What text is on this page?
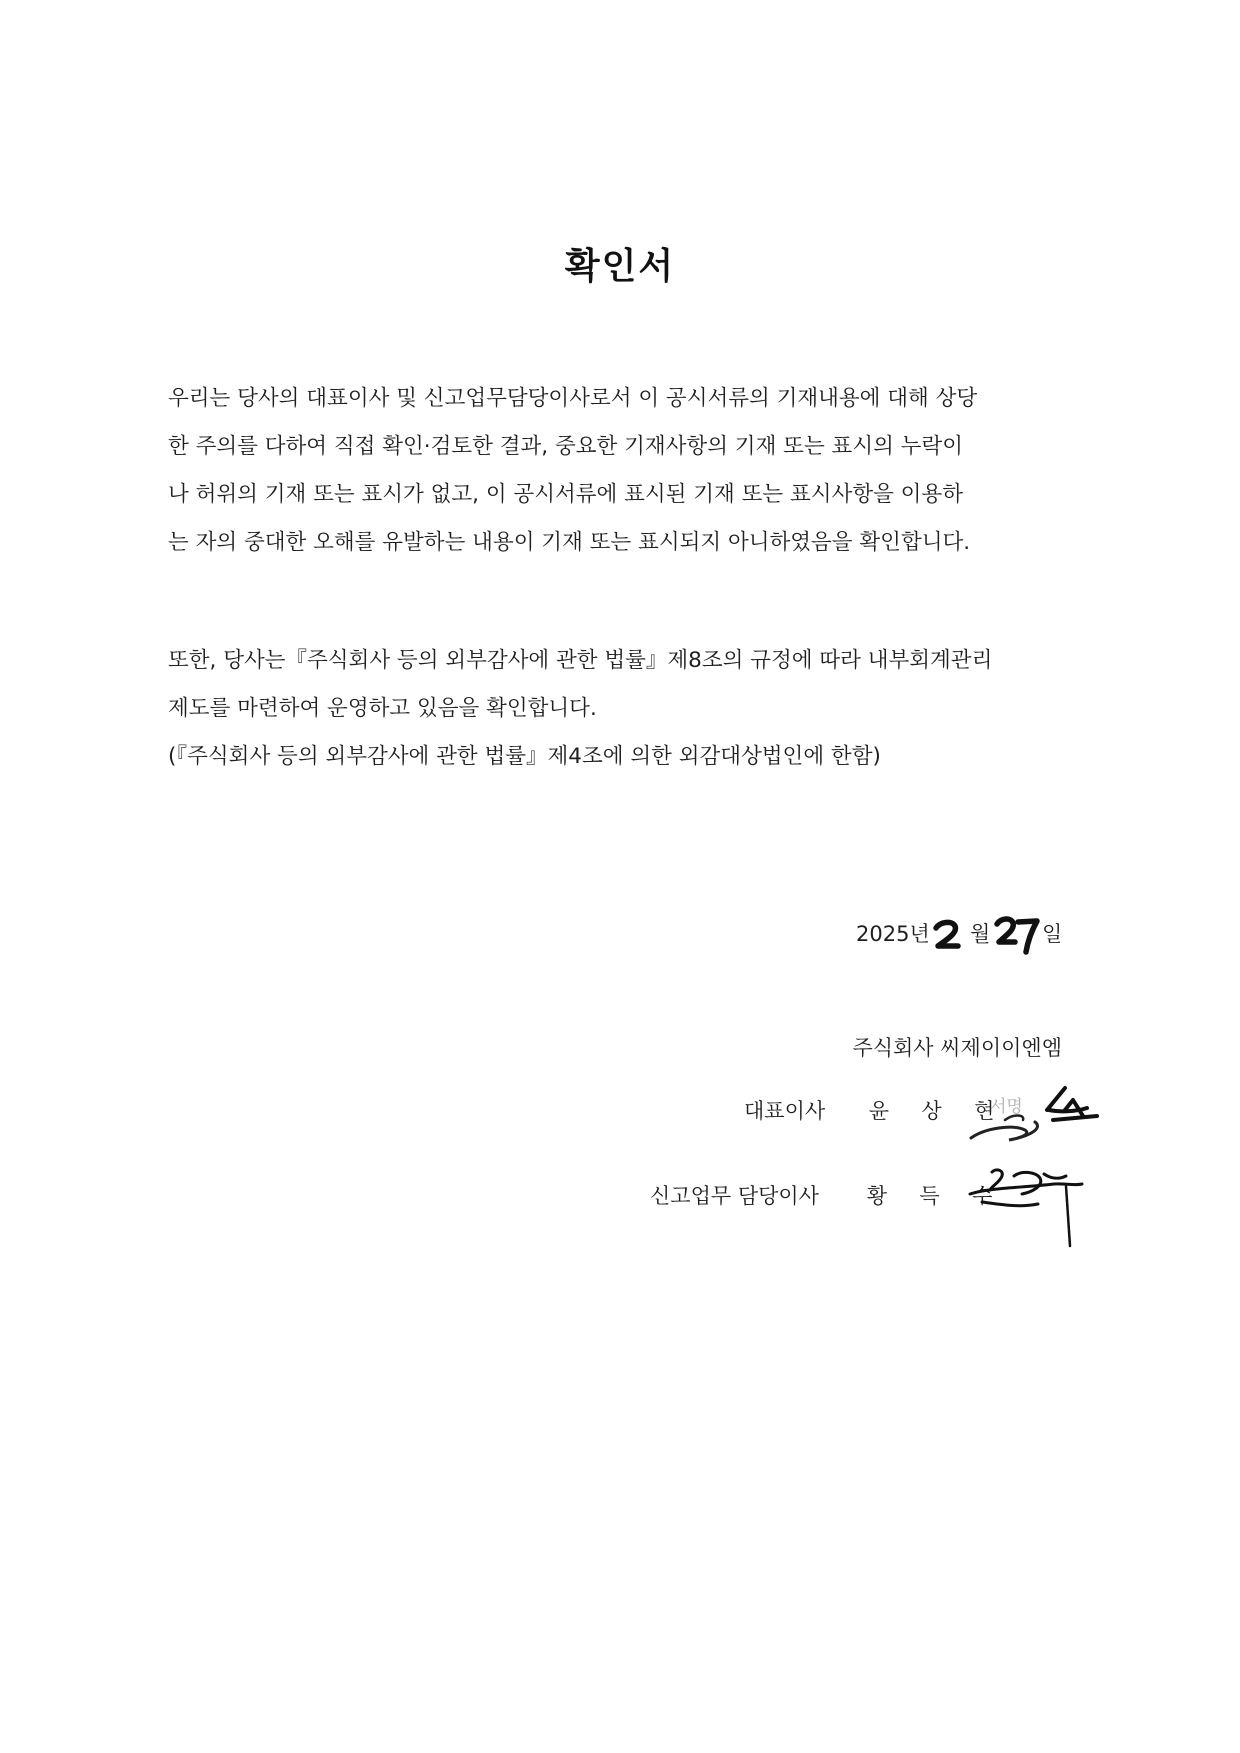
확인서
우리는 당사의 대표이사 및 신고업무담당이사로서 이 공시서류의 기재내용에 대해 상당
한 주의를 다하여 직접 확인·검토한 결과, 중요한 기재사항의 기재 또는 표시의 누락이
나 허위의 기재 또는 표시가 없고, 이 공시서류에 표시된 기재 또는 표시사항을 이용하
는 자의 중대한 오해를 유발하는 내용이 기재 또는 표시되지 아니하였음을 확인합니다.
또한, 당사는『주식회사 등의 외부감사에 관한 법률』제8조의 규정에 따라 내부회계관리
제도를 마련하여 운영하고 있음을 확인합니다.
(『주식회사 등의 외부감사에 관한 법률』제4조에 의한 외감대상법인에 한함)
2025년 월 일
주식회사 씨제이이엔엠
대표이사 윤 상 현
서명
신고업무 담당이사 황 득 수
